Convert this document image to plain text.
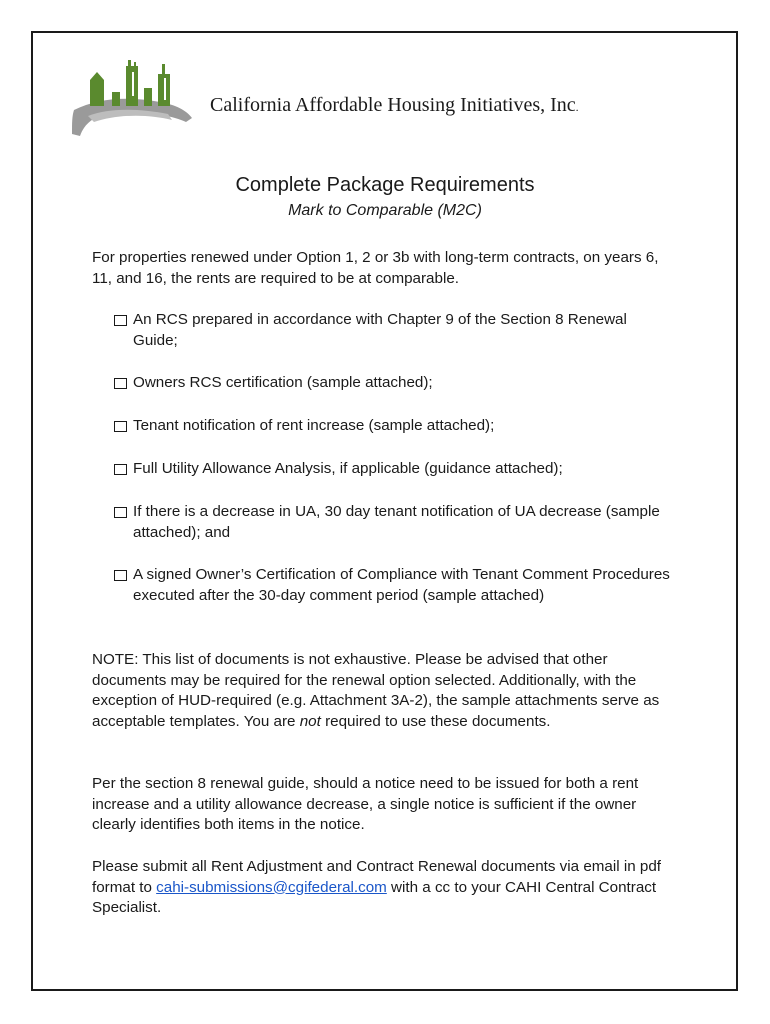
California Affordable Housing Initiatives, Inc.
Complete Package Requirements
Mark to Comparable (M2C)
For properties renewed under Option 1, 2 or 3b with long-term contracts, on years 6, 11, and 16, the rents are required to be at comparable.
An RCS prepared in accordance with Chapter 9 of the Section 8 Renewal Guide;
Owners RCS certification (sample attached);
Tenant notification of rent increase (sample attached);
Full Utility Allowance Analysis, if applicable (guidance attached);
If there is a decrease in UA, 30 day tenant notification of UA decrease (sample attached); and
A signed Owner’s Certification of Compliance with Tenant Comment Procedures executed after the 30-day comment period (sample attached)
NOTE: This list of documents is not exhaustive. Please be advised that other documents may be required for the renewal option selected. Additionally, with the exception of HUD-required (e.g. Attachment 3A-2), the sample attachments serve as acceptable templates. You are not required to use these documents.
Per the section 8 renewal guide, should a notice need to be issued for both a rent increase and a utility allowance decrease, a single notice is sufficient if the owner clearly identifies both items in the notice.
Please submit all Rent Adjustment and Contract Renewal documents via email in pdf format to cahi-submissions@cgifederal.com with a cc to your CAHI Central Contract Specialist.
